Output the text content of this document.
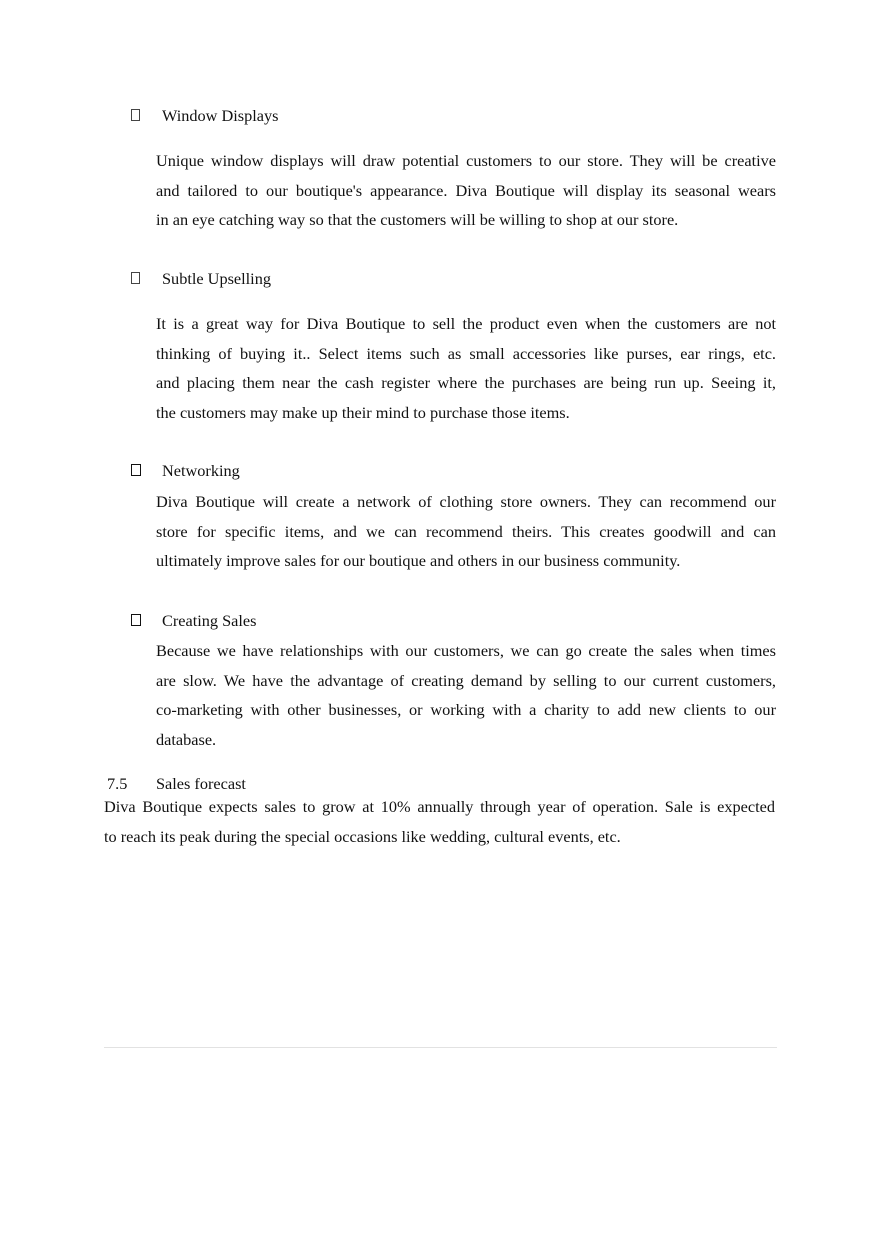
Window Displays
Unique window displays will draw potential customers to our store. They will be creative
and tailored to our boutique's appearance. Diva Boutique will display its seasonal wears
in an eye catching way so that the customers will be willing to shop at our store.
Subtle Upselling
It is a great way for Diva Boutique to sell the product even when the customers are not
thinking of buying it.. Select items such as small accessories like purses, ear rings, etc.
and placing them near the cash register where the purchases are being run up. Seeing it,
the customers may make up their mind to purchase those items.
Networking
Diva Boutique will create a network of clothing store owners. They can recommend our
store for specific items, and we can recommend theirs. This creates goodwill and can
ultimately improve sales for our boutique and others in our business community.
Creating Sales
Because we have relationships with our customers, we can go create the sales when times
are slow. We have the advantage of creating demand by selling to our current customers,
co-marketing with other businesses, or working with a charity to add new clients to our
database.
7.5 Sales forecast
Diva Boutique expects sales to grow at 10% annually through year of operation. Sale is expected
to reach its peak during the special occasions like wedding, cultural events, etc.
